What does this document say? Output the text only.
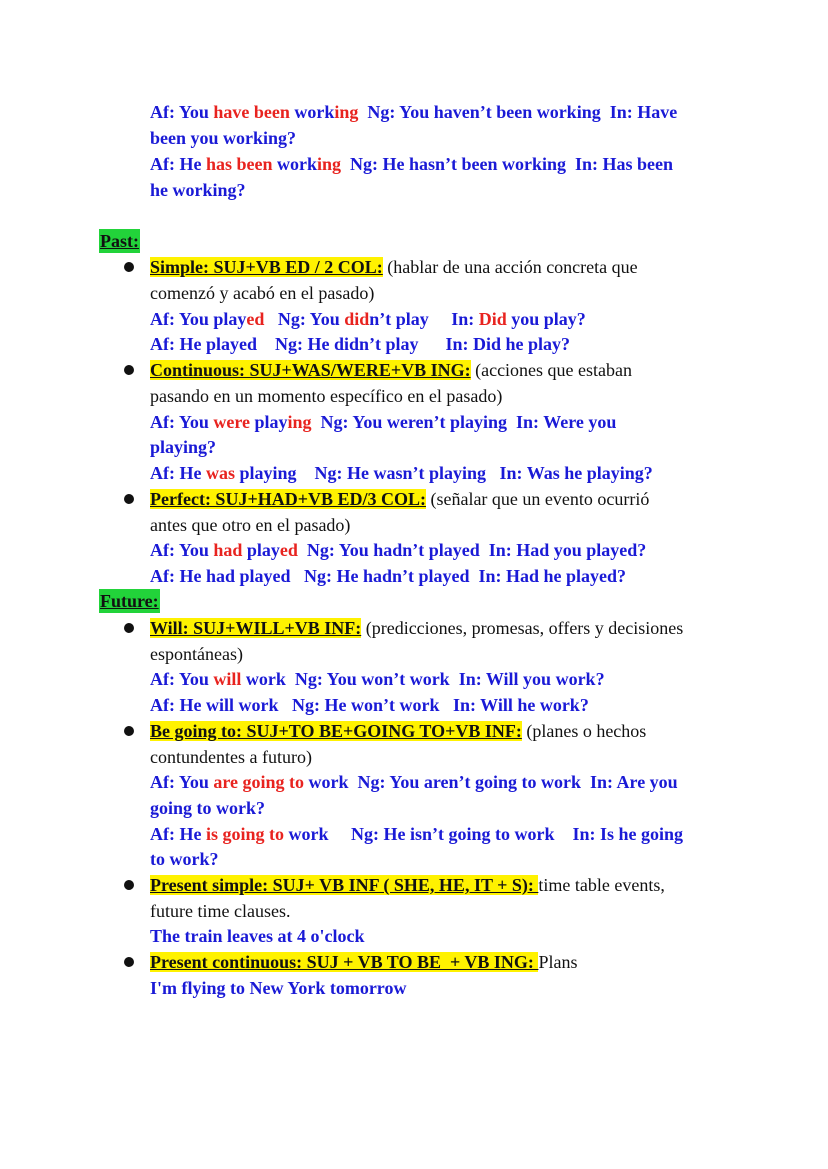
Af: You have been working  Ng: You haven’t been working  In: Have
been you working?
Af: He has been working  Ng: He hasn’t been working  In: Has been
he working?
Past:
Simple: SUJ+VB ED / 2 COL: (hablar de una acción concreta que
comenzó y acabó en el pasado)
Af: You played   Ng: You didn’t play     In: Did you play?
Af: He played    Ng: He didn’t play      In: Did he play?
Continuous: SUJ+WAS/WERE+VB ING: (acciones que estaban
pasando en un momento específico en el pasado)
Af: You were playing  Ng: You weren’t playing  In: Were you
playing?
Af: He was playing    Ng: He wasn’t playing   In: Was he playing?
Perfect: SUJ+HAD+VB ED/3 COL: (señalar que un evento ocurrió
antes que otro en el pasado)
Af: You had played  Ng: You hadn’t played  In: Had you played?
Af: He had played   Ng: He hadn’t played  In: Had he played?
Future:
Will: SUJ+WILL+VB INF: (predicciones, promesas, offers y decisiones
espontáneas)
Af: You will work  Ng: You won’t work  In: Will you work?
Af: He will work   Ng: He won’t work   In: Will he work?
Be going to: SUJ+TO BE+GOING TO+VB INF: (planes o hechos
contundentes a futuro)
Af: You are going to work  Ng: You aren’t going to work  In: Are you
going to work?
Af: He is going to work     Ng: He isn’t going to work    In: Is he going
to work?
Present simple: SUJ+ VB INF ( SHE, HE, IT + S): time table events,
future time clauses.
The train leaves at 4 o'clock
Present continuous: SUJ + VB TO BE  + VB ING: Plans
I'm flying to New York tomorrow
